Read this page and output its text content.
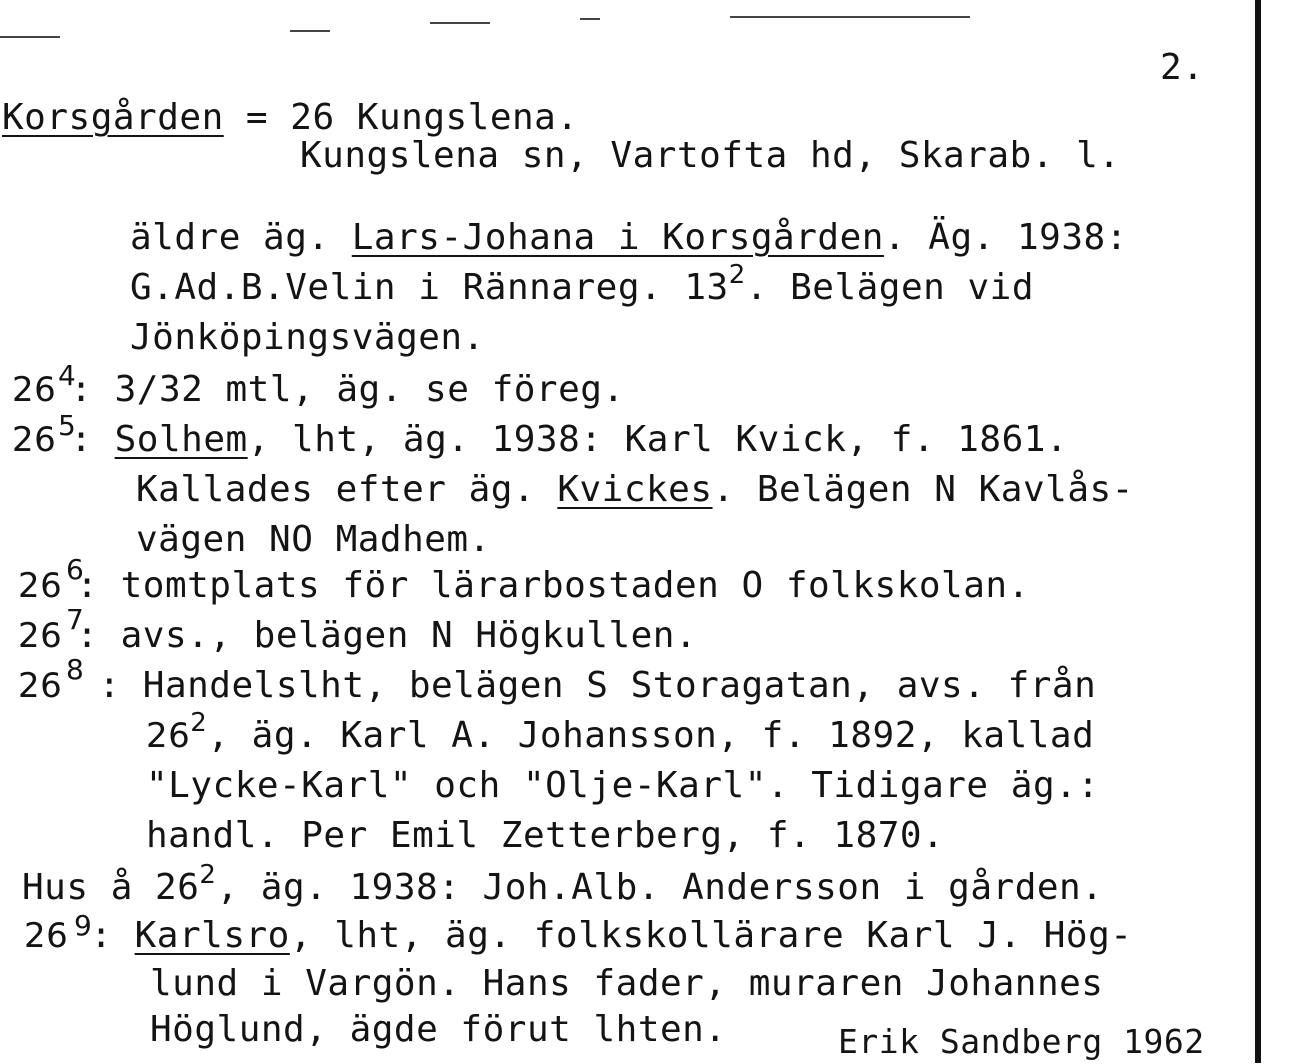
2.
Korsgården = 26 Kungslena.
Kungslena sn, Vartofta hd, Skarab. l.
äldre äg. Lars-Johana i Korsgården. Äg. 1938:
G.Ad.B.Velin i Rännareg. $13^2$. Belägen vid
Jönköpingsvägen.
26 4
: 3/32 mtl, äg. se föreg.
26 5
: Solhem, lht, äg. 1938: Karl Kvick, f. 1861.
Kallades efter äg. Kvickes. Belägen N Kavlås-
vägen NO Madhem.
26 6
: tomtplats för lärarbostaden O folkskolan.
26 7
: avs., belägen N Högkullen.
26 8
: Handelslht, belägen S Storagatan, avs. från
$26^2$, äg. Karl A. Johansson, f. 1892, kallad
"Lycke-Karl" och "Olje-Karl". Tidigare äg.:
handl. Per Emil Zetterberg, f. 1870.
Hus å $26^2$, äg. 1938: Joh.Alb. Andersson i gården.
26 9
: Karlsro, lht, äg. folkskollärare Karl J. Hög-
lund i Vargön. Hans fader, muraren Johannes
Höglund, ägde förut lhten.	Erik Sandberg 1962
